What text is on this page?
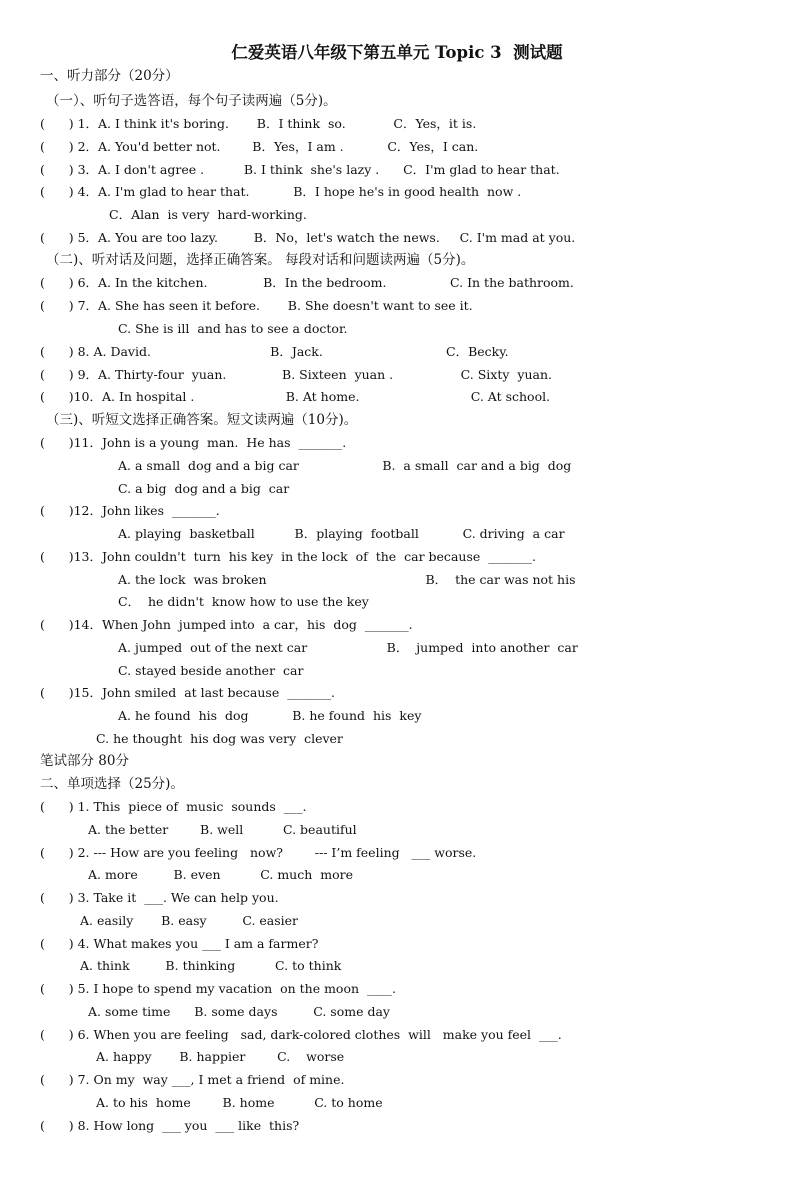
仁爱英语八年级下第五单元 Topic 3  测试题
一、听力部分（20分）
（一）、听句子选答语，每个句子读两遍（5分)。
(      ) 1．A. I think it's boring.       B．I think  so.            C．Yes，it is.
(      ) 2．A. You'd better not.        B．Yes，I am .           C．Yes，I can.
(      ) 3．A. I don't agree .          B. I think  she's lazy .      C．I'm glad to hear that.
(      ) 4．A. I'm glad to hear that.           B．I hope he's in good health  now .
C．Alan  is very  hard-working.
(      ) 5．A. You are too lazy.         B．No，let's watch the news.     C. I'm mad at you.
（二)、听对话及问题，选择正确答案。 每段对话和问题读两遍（5分)。
(      ) 6．A. In the kitchen.              B．In the bedroom.                C. In the bathroom.
(      ) 7．A. She has seen it before.       B. She doesn't want to see it.
C. She is ill  and has to see a doctor.
(      ) 8. A. David.                              B．Jack.                               C．Becky.
(      ) 9．A. Thirty-four  yuan.              B. Sixteen  yuan .                 C. Sixty  yuan.
(      )10．A. In hospital .                       B. At home.                            C. At school.
（三)、听短文选择正确答案。短文读两遍（10分)。
(      )11．John is a young  man.  He has  _______.
A. a small  dog and a big car                     B.  a small  car and a big  dog
C. a big  dog and a big  car
(      )12．John likes  _______.
A. playing  basketball          B．playing  football           C. driving  a car
(      )13．John couldn't  turn  his key  in the lock  of  the  car because  _______.
A. the lock  was broken                                        B．  the car was not his
C．  he didn't  know how to use the key
(      )14．When John  jumped into  a car，his  dog  _______.
A. jumped  out of the next car                    B．  jumped  into another  car
C. stayed beside another  car
(      )15．John smiled  at last because  _______.
A. he found  his  dog           B. he found  his  key
C. he thought  his dog was very  clever
笔试部分 80分
二、单项选择（25分)。
(      ) 1. This  piece of  music  sounds  ___.
A. the better        B. well          C. beautiful
(      ) 2. --- How are you feeling   now?        --- I’m feeling   ___ worse.
A. more         B. even          C. much  more
(      ) 3. Take it  ___. We can help you.
A. easily       B. easy         C. easier
(      ) 4. What makes you ___ I am a farmer?
A. think         B. thinking          C. to think
(      ) 5. I hope to spend my vacation  on the moon  ____.
A. some time      B. some days         C. some day
(      ) 6. When you are feeling   sad, dark-colored clothes  will   make you feel  ___.
A. happy       B. happier        C.    worse
(      ) 7. On my  way ___, I met a friend  of mine.
A. to his  home        B. home          C. to home
(      ) 8. How long  ___ you  ___ like  this?
